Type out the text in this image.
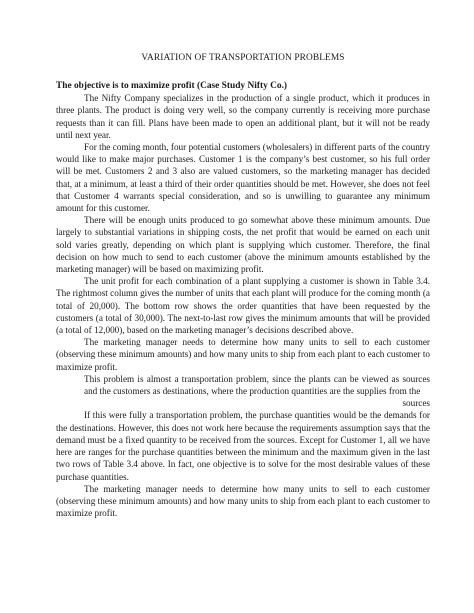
VARIATION OF TRANSPORTATION PROBLEMS
The objective is to maximize profit (Case Study Nifty Co.)

The Nifty Company specializes in the production of a single product, which it produces in three plants. The product is doing very well, so the company currently is receiving more purchase requests than it can fill. Plans have been made to open an additional plant, but it will not be ready until next year.

For the coming month, four potential customers (wholesalers) in different parts of the country would like to make major purchases. Customer 1 is the company’s best customer, so his full order will be met. Customers 2 and 3 also are valued customers, so the marketing manager has decided that, at a minimum, at least a third of their order quantities should be met. However, she does not feel that Customer 4 warrants special consideration, and so is unwilling to guarantee any minimum amount for this customer.

There will be enough units produced to go somewhat above these minimum amounts. Due largely to substantial variations in shipping costs, the net profit that would be earned on each unit sold varies greatly, depending on which plant is supplying which customer. Therefore, the final decision on how much to send to each customer (above the minimum amounts established by the marketing manager) will be based on maximizing profit.

The unit profit for each combination of a plant supplying a customer is shown in Table 3.4. The rightmost column gives the number of units that each plant will produce for the coming month (a total of 20,000). The bottom row shows the order quantities that have been requested by the customers (a total of 30,000). The next-to-last row gives the minimum amounts that will be provided (a total of 12,000), based on the marketing manager’s decisions described above.

The marketing manager needs to determine how many units to sell to each customer (observing these minimum amounts) and how many units to ship from each plant to each customer to maximize profit.

This problem is almost a transportation problem, since the plants can be viewed as sources and the customers as destinations, where the production quantities are the supplies from the

sources

If this were fully a transportation problem, the purchase quantities would be the demands for the destinations. However, this does not work here because the requirements assumption says that the demand must be a fixed quantity to be received from the sources. Except for Customer 1, all we have here are ranges for the purchase quantities between the minimum and the maximum given in the last two rows of Table 3.4 above. In fact, one objective is to solve for the most desirable values of these purchase quantities.

The marketing manager needs to determine how many units to sell to each customer (observing these minimum amounts) and how many units to ship from each plant to each customer to maximize profit.
